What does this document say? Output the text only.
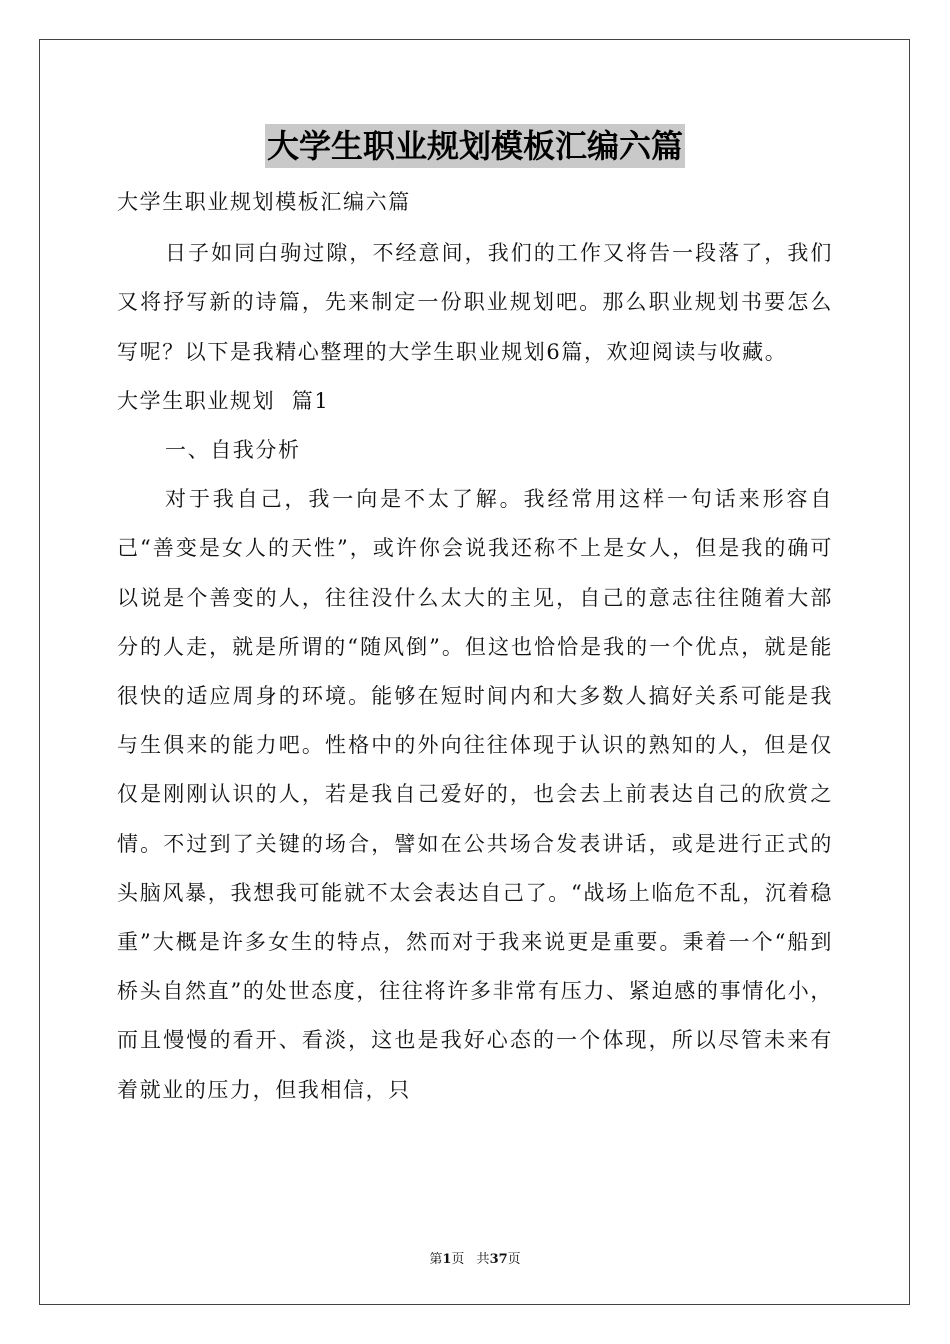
大学生职业规划模板汇编六篇

大学生职业规划模板汇编六篇

日子如同白驹过隙，不经意间，我们的工作又将告一段落了，我们又将抒写新的诗篇，先来制定一份职业规划吧。那么职业规划书要怎么写呢？以下是我精心整理的大学生职业规划6篇，欢迎阅读与收藏。

大学生职业规划  篇1

一、自我分析

对于我自己，我一向是不太了解。我经常用这样一句话来形容自己“善变是女人的天性”，或许你会说我还称不上是女人，但是我的确可以说是个善变的人，往往没什么太大的主见，自己的意志往往随着大部分的人走，就是所谓的“随风倒”。但这也恰恰是我的一个优点，就是能很快的适应周身的环境。能够在短时间内和大多数人搞好关系可能是我与生俱来的能力吧。性格中的外向往往体现于认识的熟知的人，但是仅仅是刚刚认识的人，若是我自己爱好的，也会去上前表达自己的欣赏之情。不过到了关键的场合，譬如在公共场合发表讲话，或是进行正式的头脑风暴，我想我可能就不太会表达自己了。“战场上临危不乱，沉着稳重”大概是许多女生的特点，然而对于我来说更是重要。秉着一个“船到桥头自然直”的处世态度，往往将许多非常有压力、紧迫感的事情化小，而且慢慢的看开、看淡，这也是我好心态的一个体现，所以尽管未来有着就业的压力，但我相信，只

第1页 共37页
